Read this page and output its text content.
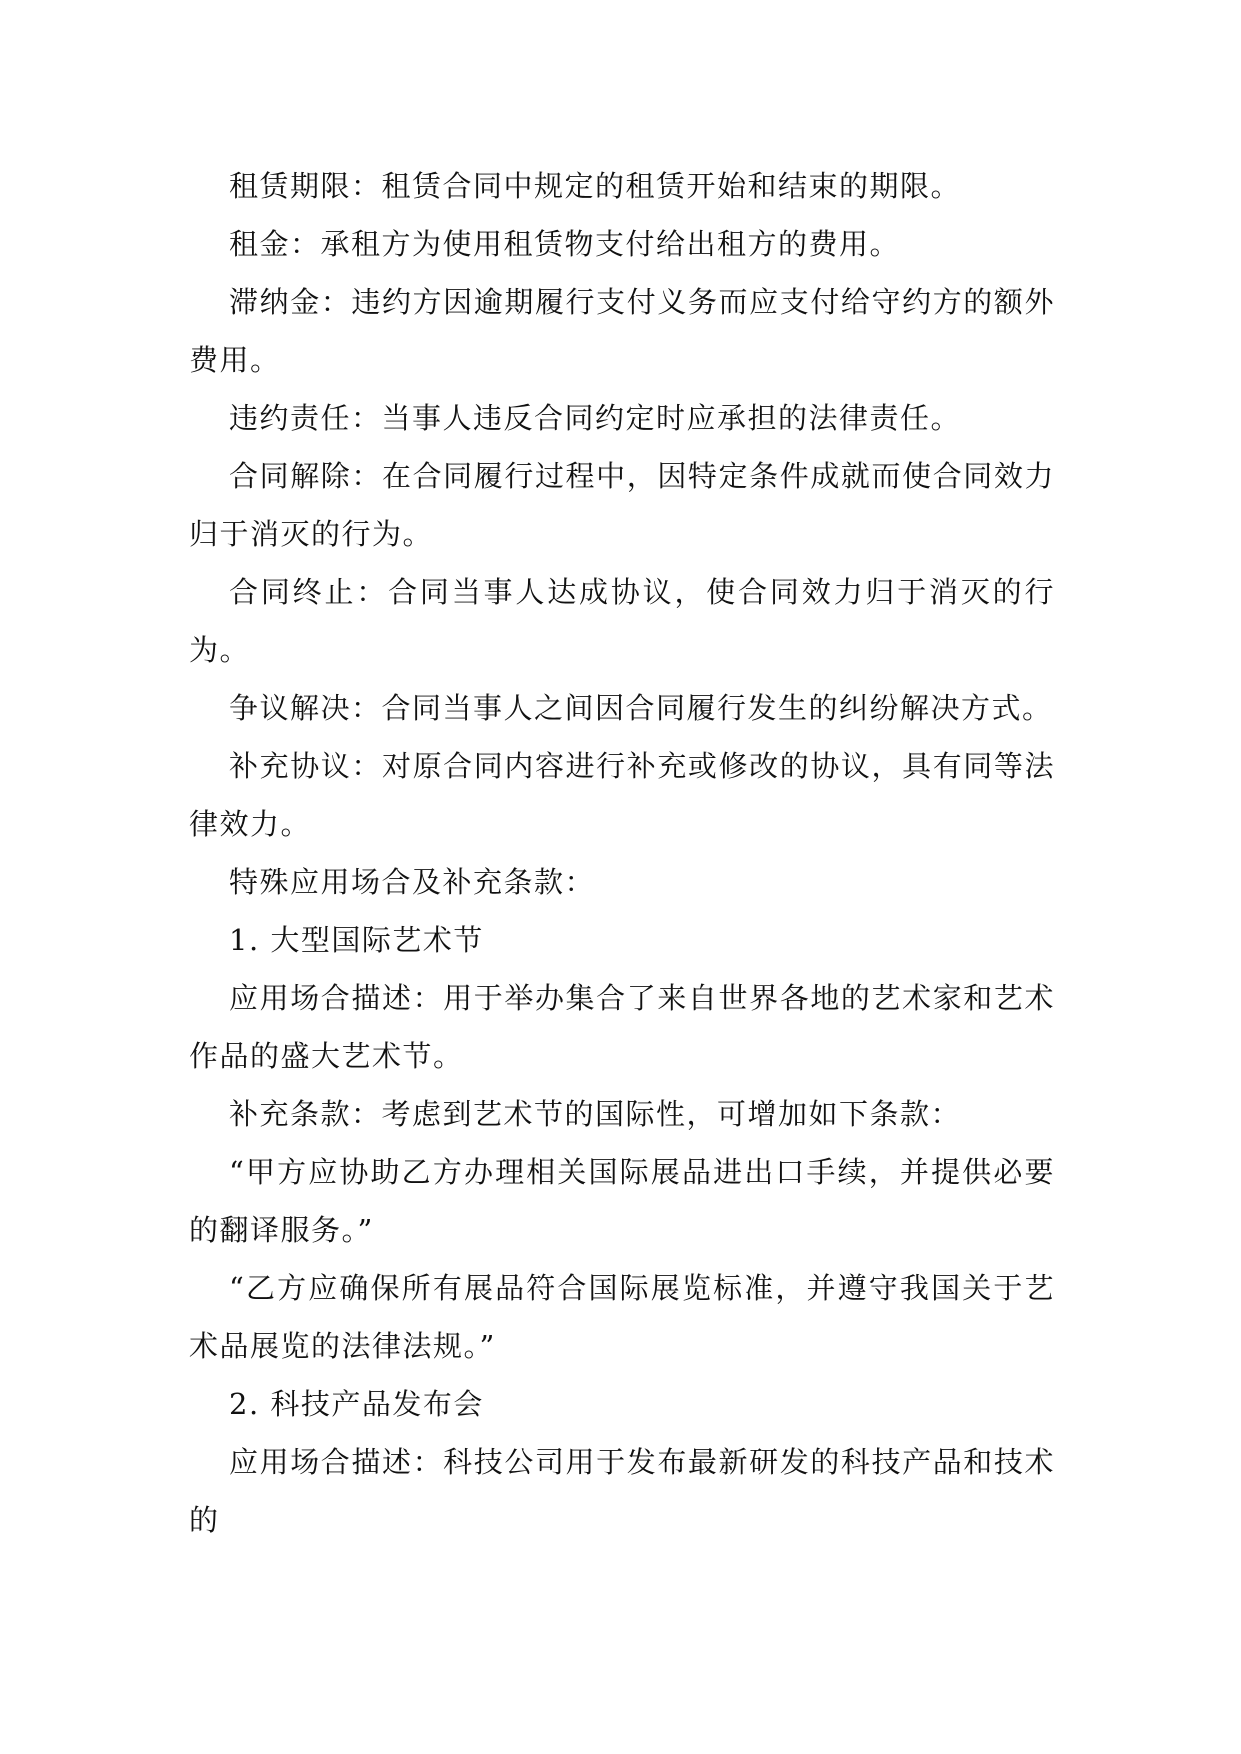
租赁期限：租赁合同中规定的租赁开始和结束的期限。

租金：承租方为使用租赁物支付给出租方的费用。

滞纳金：违约方因逾期履行支付义务而应支付给守约方的额外费用。

违约责任：当事人违反合同约定时应承担的法律责任。

合同解除：在合同履行过程中，因特定条件成就而使合同效力归于消灭的行为。

合同终止：合同当事人达成协议，使合同效力归于消灭的行为。

争议解决：合同当事人之间因合同履行发生的纠纷解决方式。

补充协议：对原合同内容进行补充或修改的协议，具有同等法律效力。

特殊应用场合及补充条款：

1. 大型国际艺术节

应用场合描述：用于举办集合了来自世界各地的艺术家和艺术作品的盛大艺术节。

补充条款：考虑到艺术节的国际性，可增加如下条款：

“甲方应协助乙方办理相关国际展品进出口手续，并提供必要的翻译服务。”

“乙方应确保所有展品符合国际展览标准，并遵守我国关于艺术品展览的法律法规。”

2. 科技产品发布会

应用场合描述：科技公司用于发布最新研发的科技产品和技术的
